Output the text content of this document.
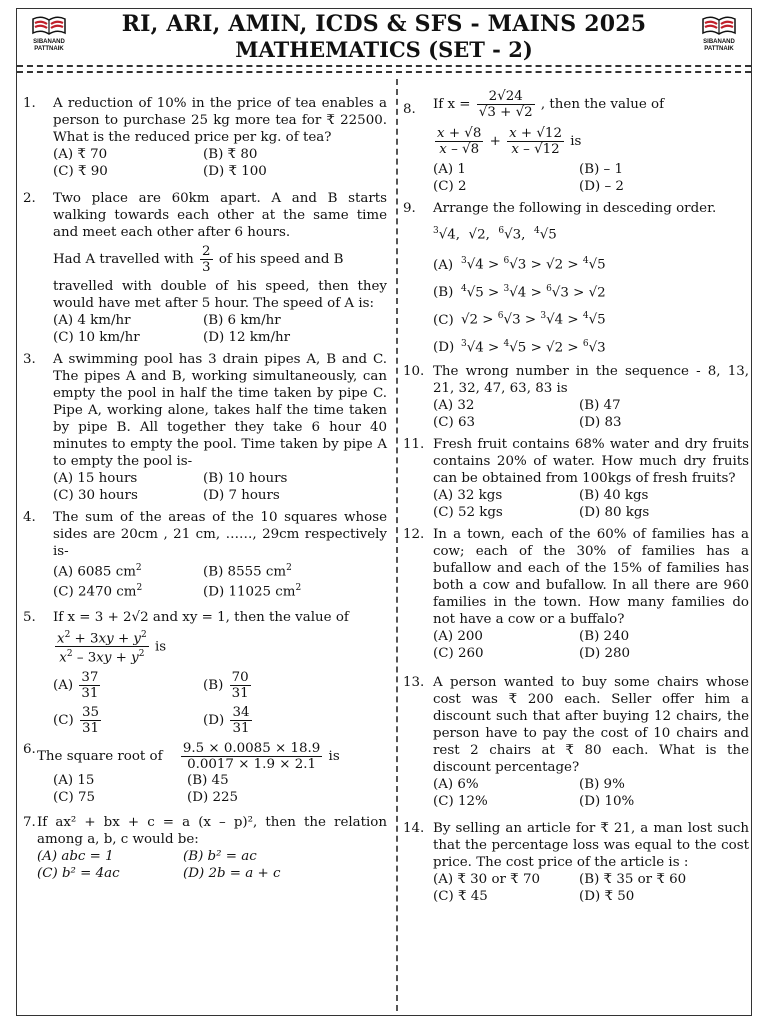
SIBANAND
PATTNAIK
RI, ARI, AMIN, ICDS & SFS - MAINS 2025
MATHEMATICS (SET - 2)	SIBANAND
PATTNAIK
1. A reduction of 10% in the price of tea enables a person to purchase 25 kg more tea for ₹ 22500. What is the reduced price per kg. of tea?
(A) ₹ 70	(B) ₹ 80
(C) ₹ 90	(D) ₹ 100
2. Two place are 60km apart. A and B starts walking towards each other at the same time and meet each other after 6 hours.
Had A travelled with $\frac{2}{3}$ of his speed and B
travelled with double of his speed, then they would have met after 5 hour. The speed of A is:
(A) 4 km/hr	(B) 6 km/hr
(C) 10 km/hr	(D) 12 km/hr
3. A swimming pool has 3 drain pipes A, B and C. The pipes A and B, working simultaneously, can empty the pool in half the time taken by pipe C. Pipe A, working alone, takes half the time taken by pipe B. All together they take 6 hour 40 minutes to empty the pool. Time taken by pipe A to empty the pool is-
(A) 15 hours	(B) 10 hours
(C) 30 hours	(D) 7 hours
4. The sum of the areas of the 10 squares whose sides are 20cm , 21 cm, ……, 29cm respectively is-
(A) 6085 $cm^2$	(B) 8555 $cm^2$
(C) 2470 $cm^2$	(D) 11025 $cm^2$
5. If x = 3 + 2√2 and xy = 1, then the value of
$\frac{x^2 + 3xy + y^2}{x^2 - 3xy + y^2}$ is
$(A) \frac{37}{31}$	$(B) \frac{70}{31}$
$(C) \frac{35}{31}$	$(D) \frac{34}{31}$
6. The square root of $\frac{9.5 \times 0.0085 \times 18.9}{0.0017 \times 1.9 \times 2.1}$ is
(A) 15	(B) 45
(C) 75	(D) 225
7. If ax² + bx + c = a (x – p)², then the relation among a, b, c would be:
(A) abc = 1	(B) b² = ac
(C) b² = 4ac	(D) 2b = a + c
8. If $x = \frac{2√24}{√3 + √2}$ , then the value of
$\frac{x + √8}{x - √8} + \frac{x + √12}{x - √12}$ is
(A) 1	(B) – 1
(C) 2	(D) – 2
9. Arrange the following in desceding order.
$^3$√4,  √2,  $^6$√3,  $^4$√5
(A) $^3$√4 > $^6$√3 > √2 > $^4$√5
(B) $^4$√5 > $^3$√4 > $^6$√3 > √2
(C) √2 > $^6$√3 > $^3$√4 > $^4$√5
(D) $^3$√4 > $^4$√5 > √2 > $^6$√3
10. The wrong number in the sequence - 8, 13, 21, 32, 47, 63, 83 is
(A) 32	(B) 47
(C) 63	(D) 83
11. Fresh fruit contains 68% water and dry fruits contains 20% of water. How much dry fruits can be obtained from 100kgs of fresh fruits?
(A) 32 kgs	(B) 40 kgs
(C) 52 kgs	(D) 80 kgs
12. In a town, each of the 60% of families has a cow; each of the 30% of families has a bufallow and each of the 15% of families has both a cow and bufallow. In all there are 960 families in the town. How many families do not have a cow or a buffalo?
(A) 200	(B) 240
(C) 260	(D) 280
13. A person wanted to buy some chairs whose cost was ₹ 200 each. Seller offer him a discount such that after buying 12 chairs, the person have to pay the cost of 10 chairs and rest 2 chairs at ₹ 80 each. What is the discount percentage?
(A) 6%	(B) 9%
(C) 12%	(D) 10%
14. By selling an article for ₹ 21, a man lost such that the percentage loss was equal to the cost price. The cost price of the article is :
(A) ₹ 30 or ₹ 70	(B) ₹ 35 or ₹ 60
(C) ₹ 45	(D) ₹ 50
